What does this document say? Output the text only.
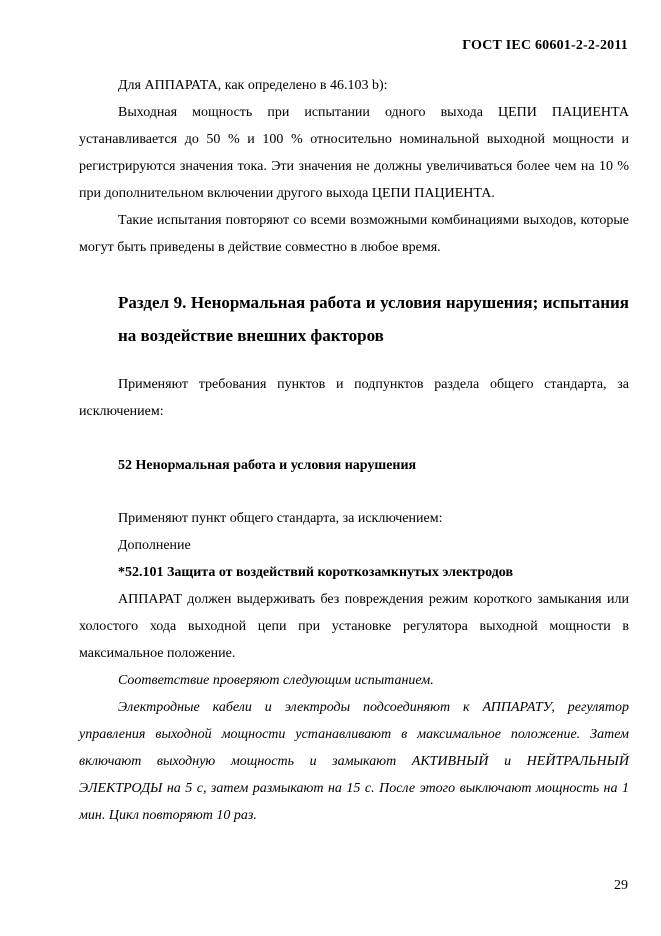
ГОСТ IEC 60601-2-2-2011

Для АППАРАТА, как определено в 46.103 b):

Выходная мощность при испытании одного выхода ЦЕПИ ПАЦИЕНТА устанавливается до 50 % и 100 % относительно номинальной выходной мощности и регистрируются значения тока. Эти значения не должны увеличиваться более чем на 10 % при дополнительном включении другого выхода ЦЕПИ ПАЦИЕНТА.

Такие испытания повторяют со всеми возможными комбинациями выходов, которые могут быть приведены в действие совместно в любое время.

Раздел 9. Ненормальная работа и условия нарушения; испытания на воздействие внешних факторов

Применяют требования пунктов и подпунктов раздела общего стандарта, за исключением:

52 Ненормальная работа и условия нарушения

Применяют пункт общего стандарта, за исключением:

Дополнение

*52.101 Защита от воздействий короткозамкнутых электродов

АППАРАТ должен выдерживать без повреждения режим короткого замыкания или холостого хода выходной цепи при установке регулятора выходной мощности в максимальное положение.

Соответствие проверяют следующим испытанием.

Электродные кабели и электроды подсоединяют к АППАРАТУ, регулятор управления выходной мощности устанавливают в максимальное положение. Затем включают выходную мощность и замыкают АКТИВНЫЙ и НЕЙТРАЛЬНЫЙ ЭЛЕКТРОДЫ на 5 с, затем размыкают на 15 с. После этого выключают мощность на 1 мин. Цикл повторяют 10 раз.

29
